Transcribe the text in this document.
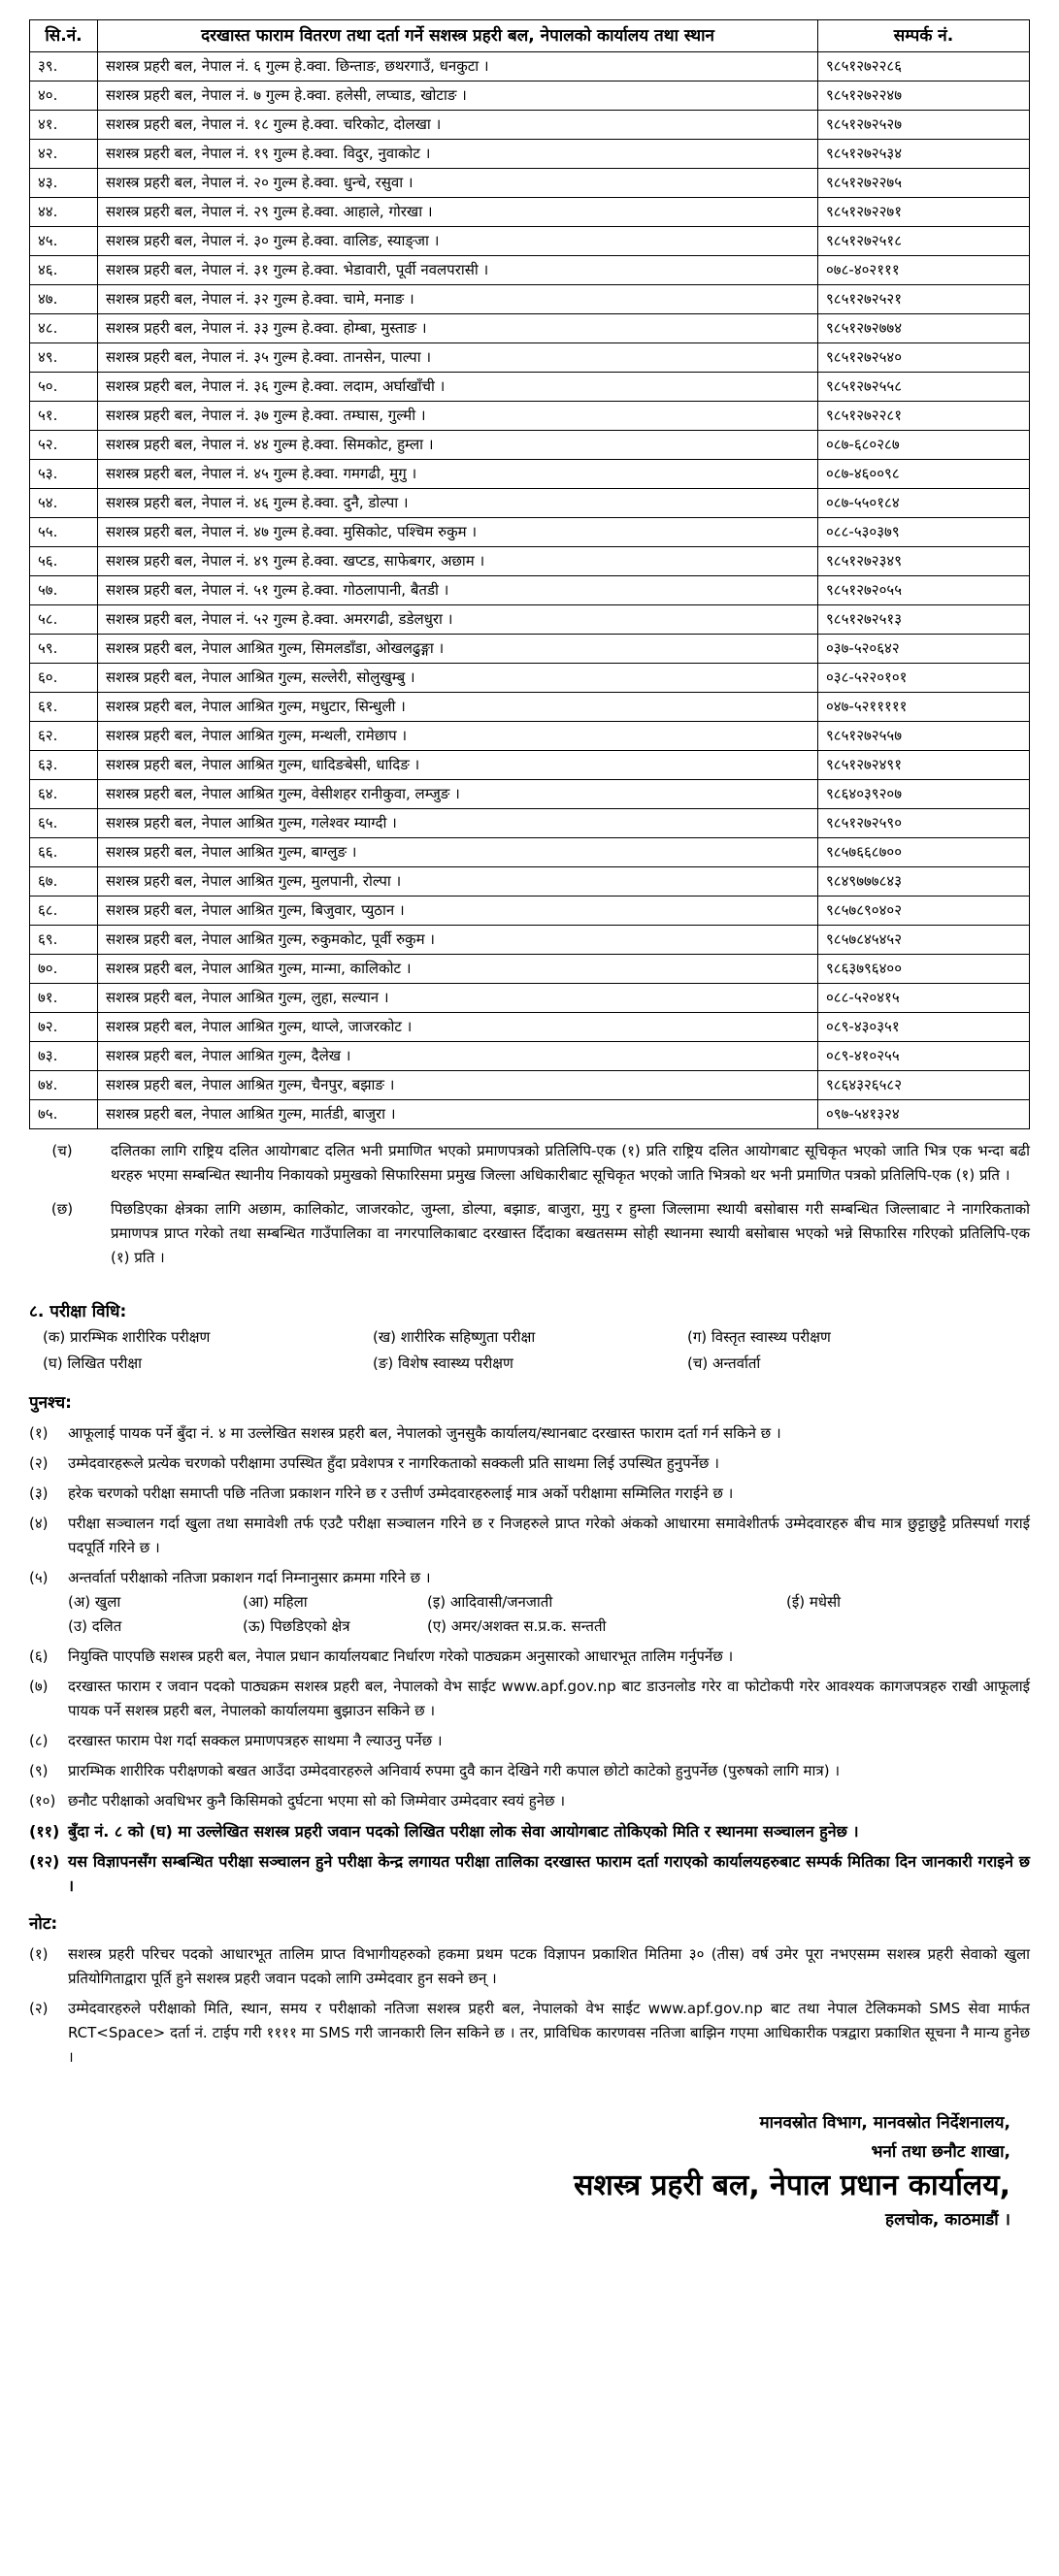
सि.नं.	दरखास्त फाराम वितरण तथा दर्ता गर्ने सशस्त्र प्रहरी बल, नेपालको कार्यालय तथा स्थान	सम्पर्क नं.
३९.	सशस्त्र प्रहरी बल, नेपाल नं. ६ गुल्म हे.क्वा. छिन्ताङ, छथरगाउँ, धनकुटा ।	९८५१२७२२८६
४०.	सशस्त्र प्रहरी बल, नेपाल नं. ७ गुल्म हे.क्वा. हलेसी, लप्चाड, खोटाङ ।	९८५१२७२२४७
४१.	सशस्त्र प्रहरी बल, नेपाल नं. १८ गुल्म हे.क्वा. चरिकोट, दोलखा ।	९८५१२७२५२७
४२.	सशस्त्र प्रहरी बल, नेपाल नं. १९ गुल्म हे.क्वा. विदुर, नुवाकोट ।	९८५१२७२५३४
४३.	सशस्त्र प्रहरी बल, नेपाल नं. २० गुल्म हे.क्वा. धुन्चे, रसुवा ।	९८५१२७२२७५
४४.	सशस्त्र प्रहरी बल, नेपाल नं. २९ गुल्म हे.क्वा. आहाले, गोरखा ।	९८५१२७२२७१
४५.	सशस्त्र प्रहरी बल, नेपाल नं. ३० गुल्म हे.क्वा. वालिङ, स्याङ्जा ।	९८५१२७२५१८
४६.	सशस्त्र प्रहरी बल, नेपाल नं. ३१ गुल्म हे.क्वा. भेडावारी, पूर्वी नवलपरासी ।	०७८-४०२१११
४७.	सशस्त्र प्रहरी बल, नेपाल नं. ३२ गुल्म हे.क्वा. चामे, मनाङ ।	९८५१२७२५२१
४८.	सशस्त्र प्रहरी बल, नेपाल नं. ३३ गुल्म हे.क्वा. होम्बा, मुस्ताङ ।	९८५१२७२७७४
४९.	सशस्त्र प्रहरी बल, नेपाल नं. ३५ गुल्म हे.क्वा. तानसेन, पाल्पा ।	९८५१२७२५४०
५०.	सशस्त्र प्रहरी बल, नेपाल नं. ३६ गुल्म हे.क्वा. लदाम, अर्घाखाँची ।	९८५१२७२५५८
५१.	सशस्त्र प्रहरी बल, नेपाल नं. ३७ गुल्म हे.क्वा. तम्घास, गुल्मी ।	९८५१२७२२८१
५२.	सशस्त्र प्रहरी बल, नेपाल नं. ४४ गुल्म हे.क्वा. सिमकोट, हुम्ला ।	०८७-६८०२८७
५३.	सशस्त्र प्रहरी बल, नेपाल नं. ४५ गुल्म हे.क्वा. गमगढी, मुगु ।	०८७-४६००९८
५४.	सशस्त्र प्रहरी बल, नेपाल नं. ४६ गुल्म हे.क्वा. दुनै, डोल्पा ।	०८७-५५०१८४
५५.	सशस्त्र प्रहरी बल, नेपाल नं. ४७ गुल्म हे.क्वा. मुसिकोट, पश्चिम रुकुम ।	०८८-५३०३७९
५६.	सशस्त्र प्रहरी बल, नेपाल नं. ४९ गुल्म हे.क्वा. खप्टड, साफेबगर, अछाम ।	९८५१२७२३४९
५७.	सशस्त्र प्रहरी बल, नेपाल नं. ५१ गुल्म हे.क्वा. गोठलापानी, बैतडी ।	९८५१२७२०५५
५८.	सशस्त्र प्रहरी बल, नेपाल नं. ५२ गुल्म हे.क्वा. अमरगढी, डडेलधुरा ।	९८५१२७२५१३
५९.	सशस्त्र प्रहरी बल, नेपाल आश्रित गुल्म, सिमलडाँडा, ओखलढुङ्गा ।	०३७-५२०६४२
६०.	सशस्त्र प्रहरी बल, नेपाल आश्रित गुल्म, सल्लेरी, सोलुखुम्बु ।	०३८-५२२०१०१
६१.	सशस्त्र प्रहरी बल, नेपाल आश्रित गुल्म, मधुटार, सिन्धुली ।	०४७-५२१११११
६२.	सशस्त्र प्रहरी बल, नेपाल आश्रित गुल्म, मन्थली, रामेछाप ।	९८५१२७२५५७
६३.	सशस्त्र प्रहरी बल, नेपाल आश्रित गुल्म, धादिङबेसी, धादिङ ।	९८५१२७२४९१
६४.	सशस्त्र प्रहरी बल, नेपाल आश्रित गुल्म, वेसीशहर रानीकुवा, लम्जुङ ।	९८६४०३९२०७
६५.	सशस्त्र प्रहरी बल, नेपाल आश्रित गुल्म, गलेश्वर म्याग्दी ।	९८५१२७२५९०
६६.	सशस्त्र प्रहरी बल, नेपाल आश्रित गुल्म, बाग्लुङ ।	९८५७६६८७००
६७.	सशस्त्र प्रहरी बल, नेपाल आश्रित गुल्म, मुलपानी, रोल्पा ।	९८४९७७७८४३
६८.	सशस्त्र प्रहरी बल, नेपाल आश्रित गुल्म, बिजुवार, प्युठान ।	९८५७८९०४०२
६९.	सशस्त्र प्रहरी बल, नेपाल आश्रित गुल्म, रुकुमकोट, पूर्वी रुकुम ।	९८५७८४५४५२
७०.	सशस्त्र प्रहरी बल, नेपाल आश्रित गुल्म, मान्मा, कालिकोट ।	९८६३७९६४००
७१.	सशस्त्र प्रहरी बल, नेपाल आश्रित गुल्म, लुहा, सल्यान ।	०८८-५२०४१५
७२.	सशस्त्र प्रहरी बल, नेपाल आश्रित गुल्म, थाप्ले, जाजरकोट ।	०८९-४३०३५१
७३.	सशस्त्र प्रहरी बल, नेपाल आश्रित गुल्म, दैलेख ।	०८९-४१०२५५
७४.	सशस्त्र प्रहरी बल, नेपाल आश्रित गुल्म, चैनपुर, बझाङ ।	९८६४३२६५८२
७५.	सशस्त्र प्रहरी बल, नेपाल आश्रित गुल्म, मार्तडी, बाजुरा ।	०९७-५४१३२४
(च)	दलितका लागि राष्ट्रिय दलित आयोगबाट दलित भनी प्रमाणित भएको प्रमाणपत्रको प्रतिलिपि-एक (१) प्रति राष्ट्रिय दलित आयोगबाट सूचिकृत भएको जाति भित्र एक भन्दा बढी थरहरु भएमा सम्बन्धित स्थानीय निकायको प्रमुखको सिफारिसमा प्रमुख जिल्ला अधिकारीबाट सूचिकृत भएको जाति भित्रको थर भनी प्रमाणित पत्रको प्रतिलिपि-एक (१) प्रति ।
(छ)	पिछडिएका क्षेत्रका लागि अछाम, कालिकोट, जाजरकोट, जुम्ला, डोल्पा, बझाङ, बाजुरा, मुगु र हुम्ला जिल्लामा स्थायी बसोबास गरी सम्बन्धित जिल्लाबाट ने नागरिकताको प्रमाणपत्र प्राप्त गरेको तथा सम्बन्धित गाउँपालिका वा नगरपालिकाबाट दरखास्त दिँदाका बखतसम्म सोही स्थानमा स्थायी बसोबास भएको भन्ने सिफारिस गरिएको प्रतिलिपि-एक (१) प्रति ।
८. परीक्षा विधि:
(क) प्रारम्भिक शारीरिक परीक्षण	(ख) शारीरिक सहिष्णुता परीक्षा	(ग) विस्तृत स्वास्थ्य परीक्षण
(घ) लिखित परीक्षा	(ङ) विशेष स्वास्थ्य परीक्षण	(च) अन्तर्वार्ता
पुनश्च:
(१) आफूलाई पायक पर्ने बुँदा नं. ४ मा उल्लेखित सशस्त्र प्रहरी बल, नेपालको जुनसुकै कार्यालय/स्थानबाट दरखास्त फाराम दर्ता गर्न सकिने छ ।
(२) उम्मेदवारहरूले प्रत्येक चरणको परीक्षामा उपस्थित हुँदा प्रवेशपत्र र नागरिकताको सक्कली प्रति साथमा लिई उपस्थित हुनुपर्नेछ ।
(३) हरेक चरणको परीक्षा समाप्ती पछि नतिजा प्रकाशन गरिने छ र उत्तीर्ण उम्मेदवारहरुलाई मात्र अर्को परीक्षामा सम्मिलित गराईने छ ।
(४) परीक्षा सञ्चालन गर्दा खुला तथा समावेशी तर्फ एउटै परीक्षा सञ्चालन गरिने छ र निजहरुले प्राप्त गरेको अंकको आधारमा समावेशीतर्फ उम्मेदवारहरु बीच मात्र छुट्टाछुट्टै प्रतिस्पर्धा गराई पदपूर्ति गरिने छ ।
(५) अन्तर्वार्ता परीक्षाको नतिजा प्रकाशन गर्दा निम्नानुसार क्रममा गरिने छ ।
(अ) खुला	(आ) महिला	(इ) आदिवासी/जनजाती	(ई) मधेसी
(उ) दलित	(ऊ) पिछडिएको क्षेत्र	(ए) अमर/अशक्त स.प्र.क. सन्तती
(६) नियुक्ति पाएपछि सशस्त्र प्रहरी बल, नेपाल प्रधान कार्यालयबाट निर्धारण गरेको पाठ्यक्रम अनुसारको आधारभूत तालिम गर्नुपर्नेछ ।
(७) दरखास्त फाराम र जवान पदको पाठ्यक्रम सशस्त्र प्रहरी बल, नेपालको वेभ साईट www.apf.gov.np बाट डाउनलोड गरेर वा फोटोकपी गरेर आवश्यक कागजपत्रहरु राखी आफूलाई पायक पर्ने सशस्त्र प्रहरी बल, नेपालको कार्यालयमा बुझाउन सकिने छ ।
(८) दरखास्त फाराम पेश गर्दा सक्कल प्रमाणपत्रहरु साथमा नै ल्याउनु पर्नेछ ।
(९) प्रारम्भिक शारीरिक परीक्षणको बखत आउँदा उम्मेदवारहरुले अनिवार्य रुपमा दुवै कान देखिने गरी कपाल छोटो काटेको हुनुपर्नेछ (पुरुषको लागि मात्र) ।
(१०) छनौट परीक्षाको अवधिभर कुनै किसिमको दुर्घटना भएमा सो को जिम्मेवार उम्मेदवार स्वयं हुनेछ ।
(११) बुँदा नं. ८ को (घ) मा उल्लेखित सशस्त्र प्रहरी जवान पदको लिखित परीक्षा लोक सेवा आयोगबाट तोकिएको मिति र स्थानमा सञ्चालन हुनेछ ।
(१२) यस विज्ञापनसँग सम्बन्धित परीक्षा सञ्चालन हुने परीक्षा केन्द्र लगायत परीक्षा तालिका दरखास्त फाराम दर्ता गराएको कार्यालयहरुबाट सम्पर्क मितिका दिन जानकारी गराइने छ ।
नोट:
(१) सशस्त्र प्रहरी परिचर पदको आधारभूत तालिम प्राप्त विभागीयहरुको हकमा प्रथम पटक विज्ञापन प्रकाशित मितिमा ३० (तीस) वर्ष उमेर पूरा नभएसम्म सशस्त्र प्रहरी सेवाको खुला प्रतियोगिताद्वारा पूर्ति हुने सशस्त्र प्रहरी जवान पदको लागि उम्मेदवार हुन सक्ने छन् ।
(२) उम्मेदवारहरुले परीक्षाको मिति, स्थान, समय र परीक्षाको नतिजा सशस्त्र प्रहरी बल, नेपालको वेभ साईट www.apf.gov.np बाट तथा नेपाल टेलिकमको SMS सेवा मार्फत RCT<Space> दर्ता नं. टाईप गरी ११११ मा SMS गरी जानकारी लिन सकिने छ । तर, प्राविधिक कारणवस नतिजा बाझिन गएमा आधिकारीक पत्रद्वारा प्रकाशित सूचना नै मान्य हुनेछ ।
मानवस्रोत विभाग, मानवस्रोत निर्देशनालय,
भर्ना तथा छनौट शाखा,
सशस्त्र प्रहरी बल, नेपाल प्रधान कार्यालय,
हलचोक, काठमाडौं ।
